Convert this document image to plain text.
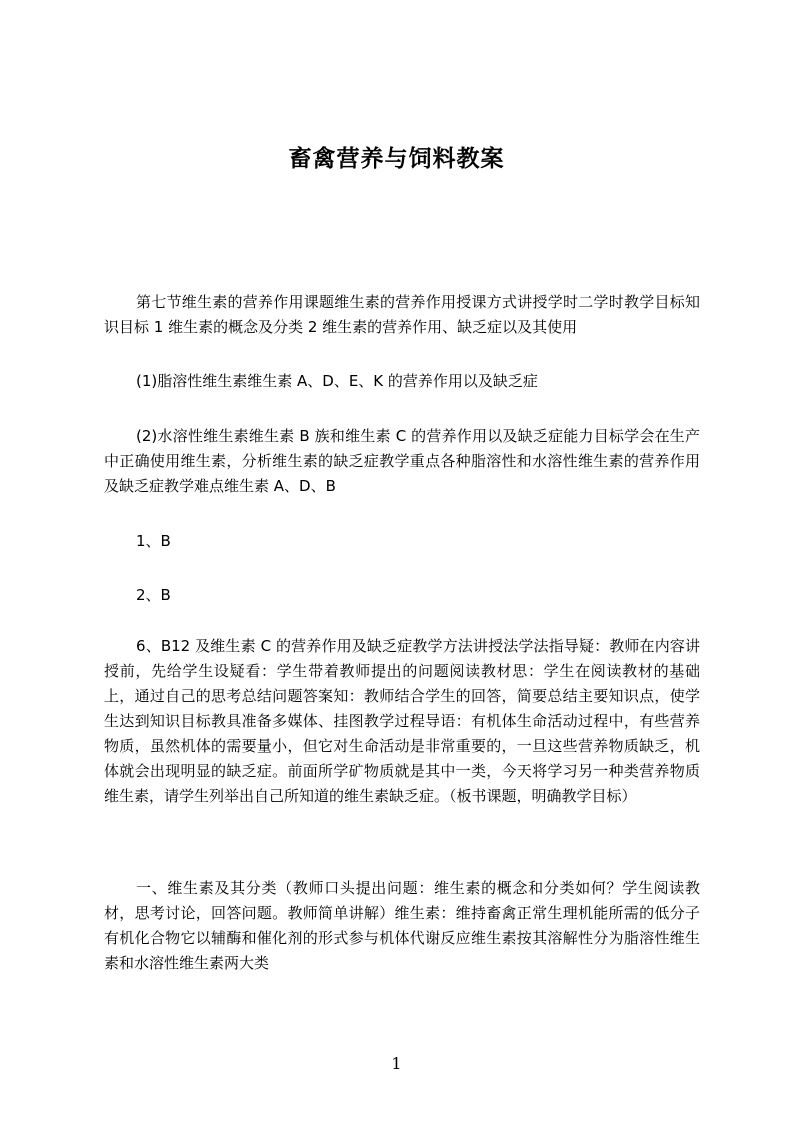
畜禽营养与饲料教案

第七节维生素的营养作用课题维生素的营养作用授课方式讲授学时二学时教学目标知识目标 1 维生素的概念及分类 2 维生素的营养作用、缺乏症以及其使用

(1)脂溶性维生素维生素 A、D、E、K 的营养作用以及缺乏症

(2)水溶性维生素维生素 B 族和维生素 C 的营养作用以及缺乏症能力目标学会在生产中正确使用维生素，分析维生素的缺乏症教学重点各种脂溶性和水溶性维生素的营养作用及缺乏症教学难点维生素 A、D、B

1、B

2、B

6、B12 及维生素 C 的营养作用及缺乏症教学方法讲授法学法指导疑：教师在内容讲授前，先给学生设疑看：学生带着教师提出的问题阅读教材思：学生在阅读教材的基础上，通过自己的思考总结问题答案知：教师结合学生的回答，简要总结主要知识点，使学生达到知识目标教具准备多媒体、挂图教学过程导语：有机体生命活动过程中，有些营养物质，虽然机体的需要量小，但它对生命活动是非常重要的，一旦这些营养物质缺乏，机体就会出现明显的缺乏症。前面所学矿物质就是其中一类，今天将学习另一种类营养物质维生素，请学生列举出自己所知道的维生素缺乏症。（板书课题，明确教学目标）

一、维生素及其分类（教师口头提出问题：维生素的概念和分类如何？学生阅读教材，思考讨论，回答问题。教师简单讲解）维生素：维持畜禽正常生理机能所需的低分子有机化合物它以辅酶和催化剂的形式参与机体代谢反应维生素按其溶解性分为脂溶性维生素和水溶性维生素两大类

1
